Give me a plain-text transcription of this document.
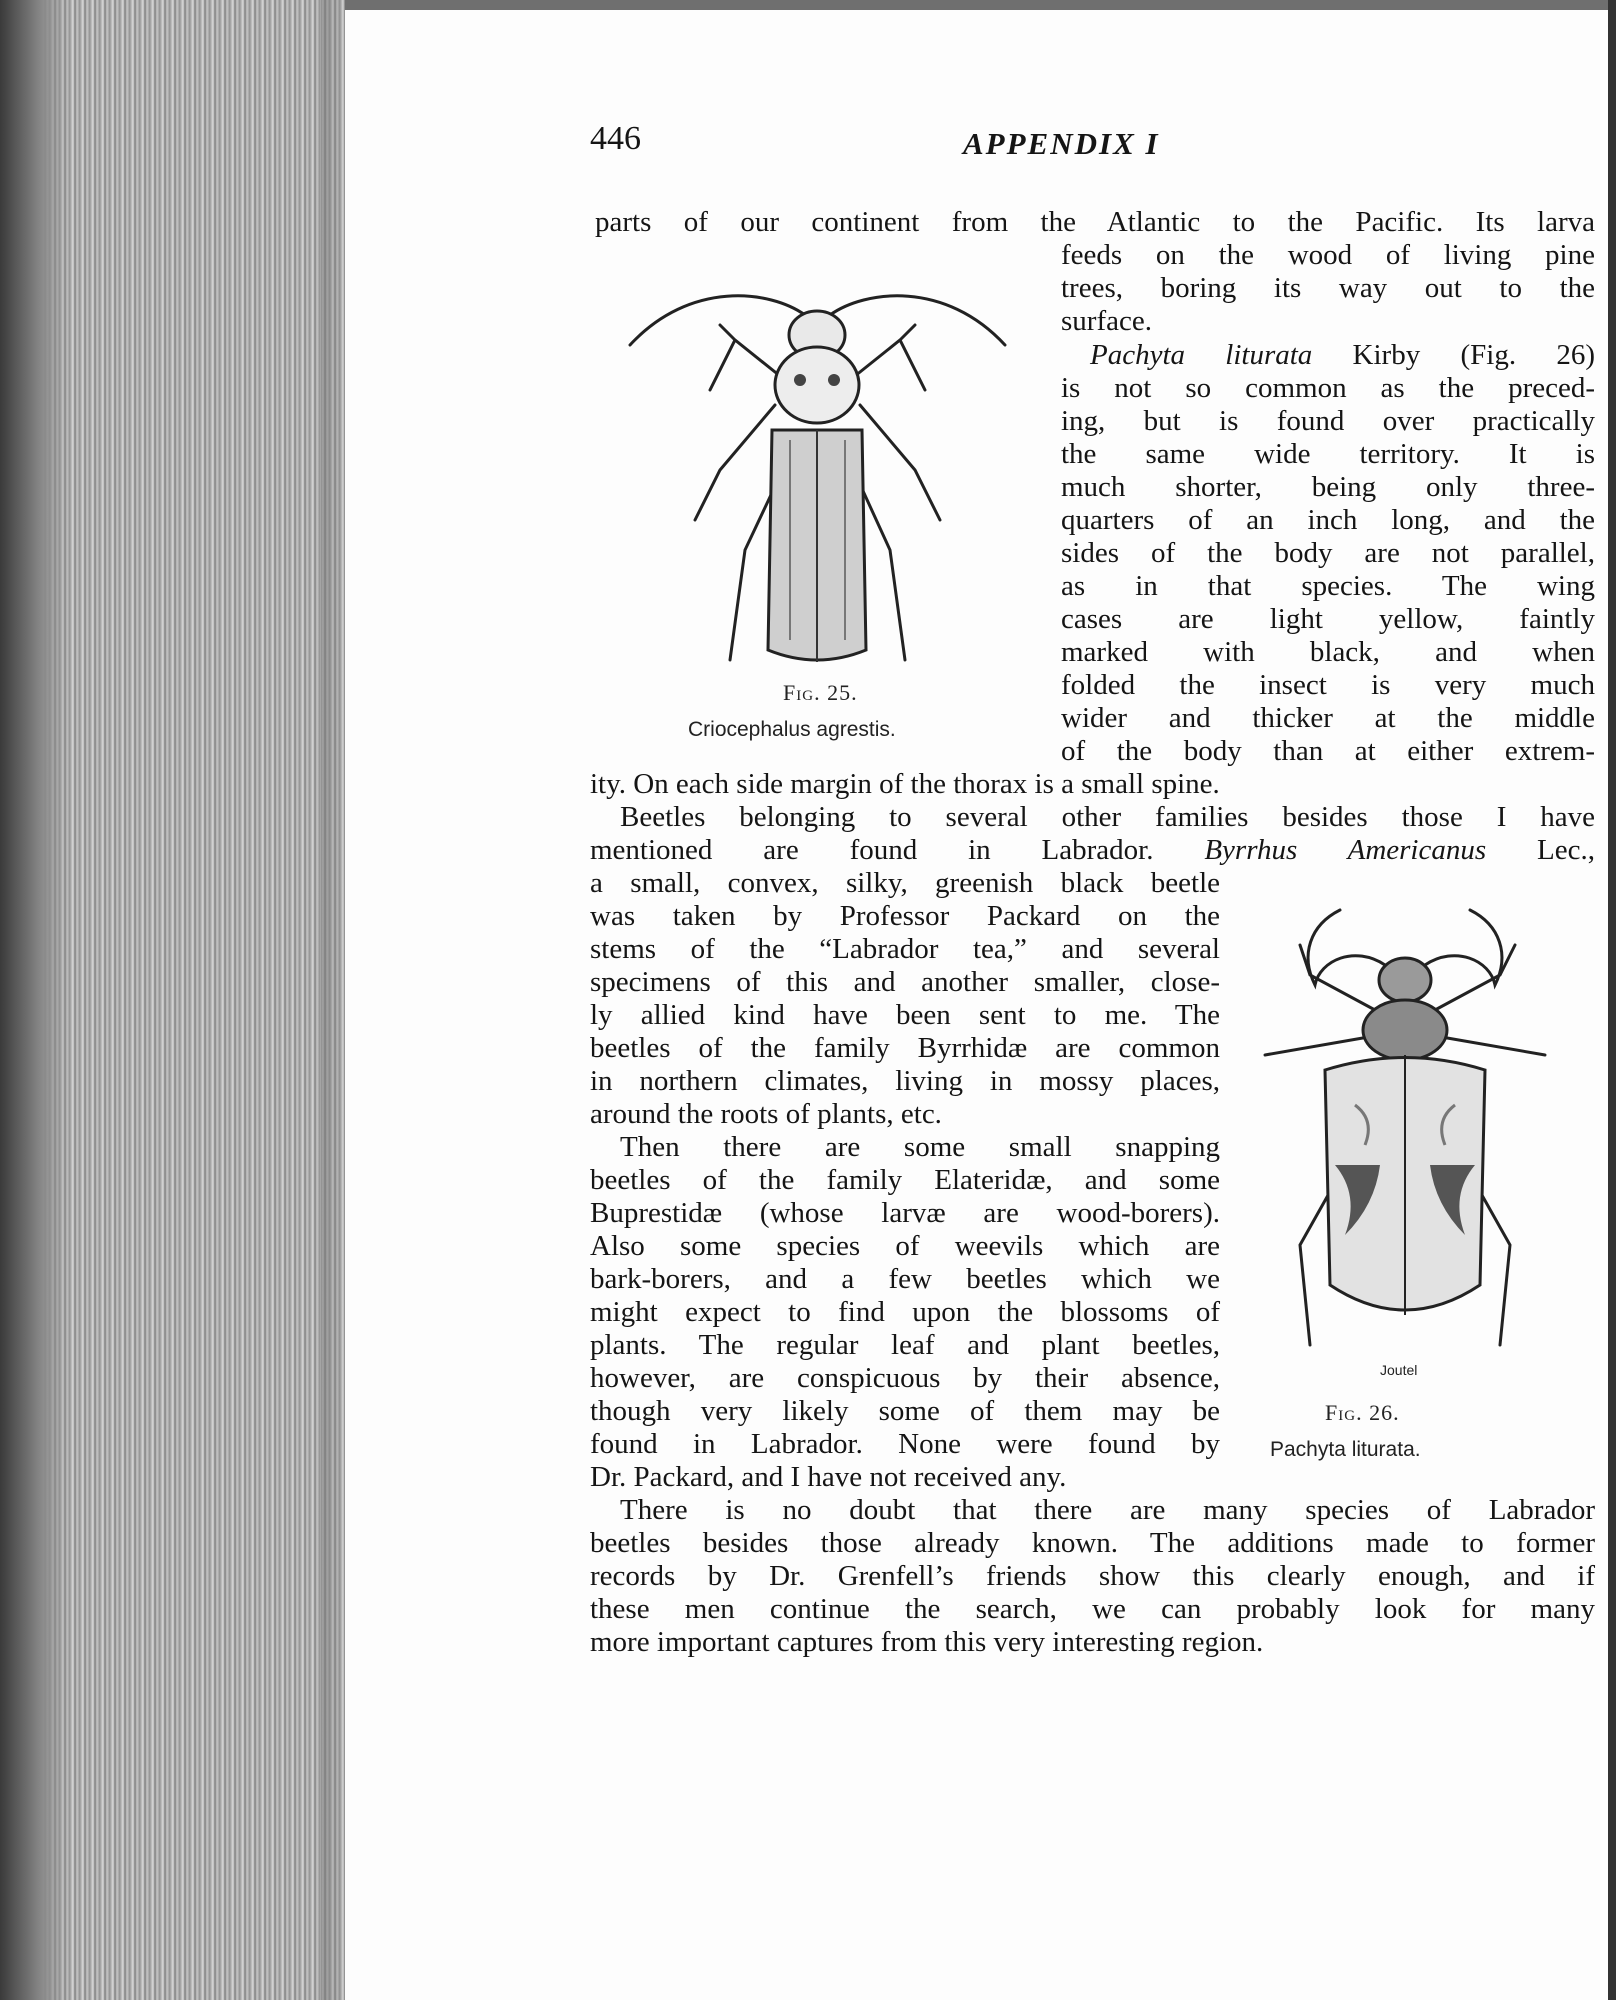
446	APPENDIX I
parts of our continent from the Atlantic to the Pacific. Its larva
feeds on the wood of living pine
trees, boring its way out to the
surface.
Pachyta liturata Kirby (Fig. 26)
is not so common as the preced-
ing, but is found over practically
the same wide territory. It is
much shorter, being only three-
quarters of an inch long, and the
sides of the body are not parallel,
as in that species. The wing
cases are light yellow, faintly
marked with black, and when
folded the insect is very much
wider and thicker at the middle
of the body than at either extrem-
ity. On each side margin of the thorax is a small spine.
Beetles belonging to several other families besides those I have
mentioned are found in Labrador. Byrrhus Americanus Lec.,
a small, convex, silky, greenish black beetle
was taken by Professor Packard on the
stems of the “Labrador tea,” and several
specimens of this and another smaller, close-
ly allied kind have been sent to me. The
beetles of the family Byrrhidæ are common
in northern climates, living in mossy places,
around the roots of plants, etc.
Then there are some small snapping
beetles of the family Elateridæ, and some
Buprestidæ (whose larvæ are wood-borers).
Also some species of weevils which are
bark-borers, and a few beetles which we
might expect to find upon the blossoms of
plants. The regular leaf and plant beetles,
however, are conspicuous by their absence,
though very likely some of them may be
found in Labrador. None were found by
Dr. Packard, and I have not received any.
There is no doubt that there are many species of Labrador
beetles besides those already known. The additions made to former
records by Dr. Grenfell’s friends show this clearly enough, and if
these men continue the search, we can probably look for many
more important captures from this very interesting region.
Fig. 25.
Criocephalus agrestis.
Joutel
Fig. 26.
Pachyta liturata.
